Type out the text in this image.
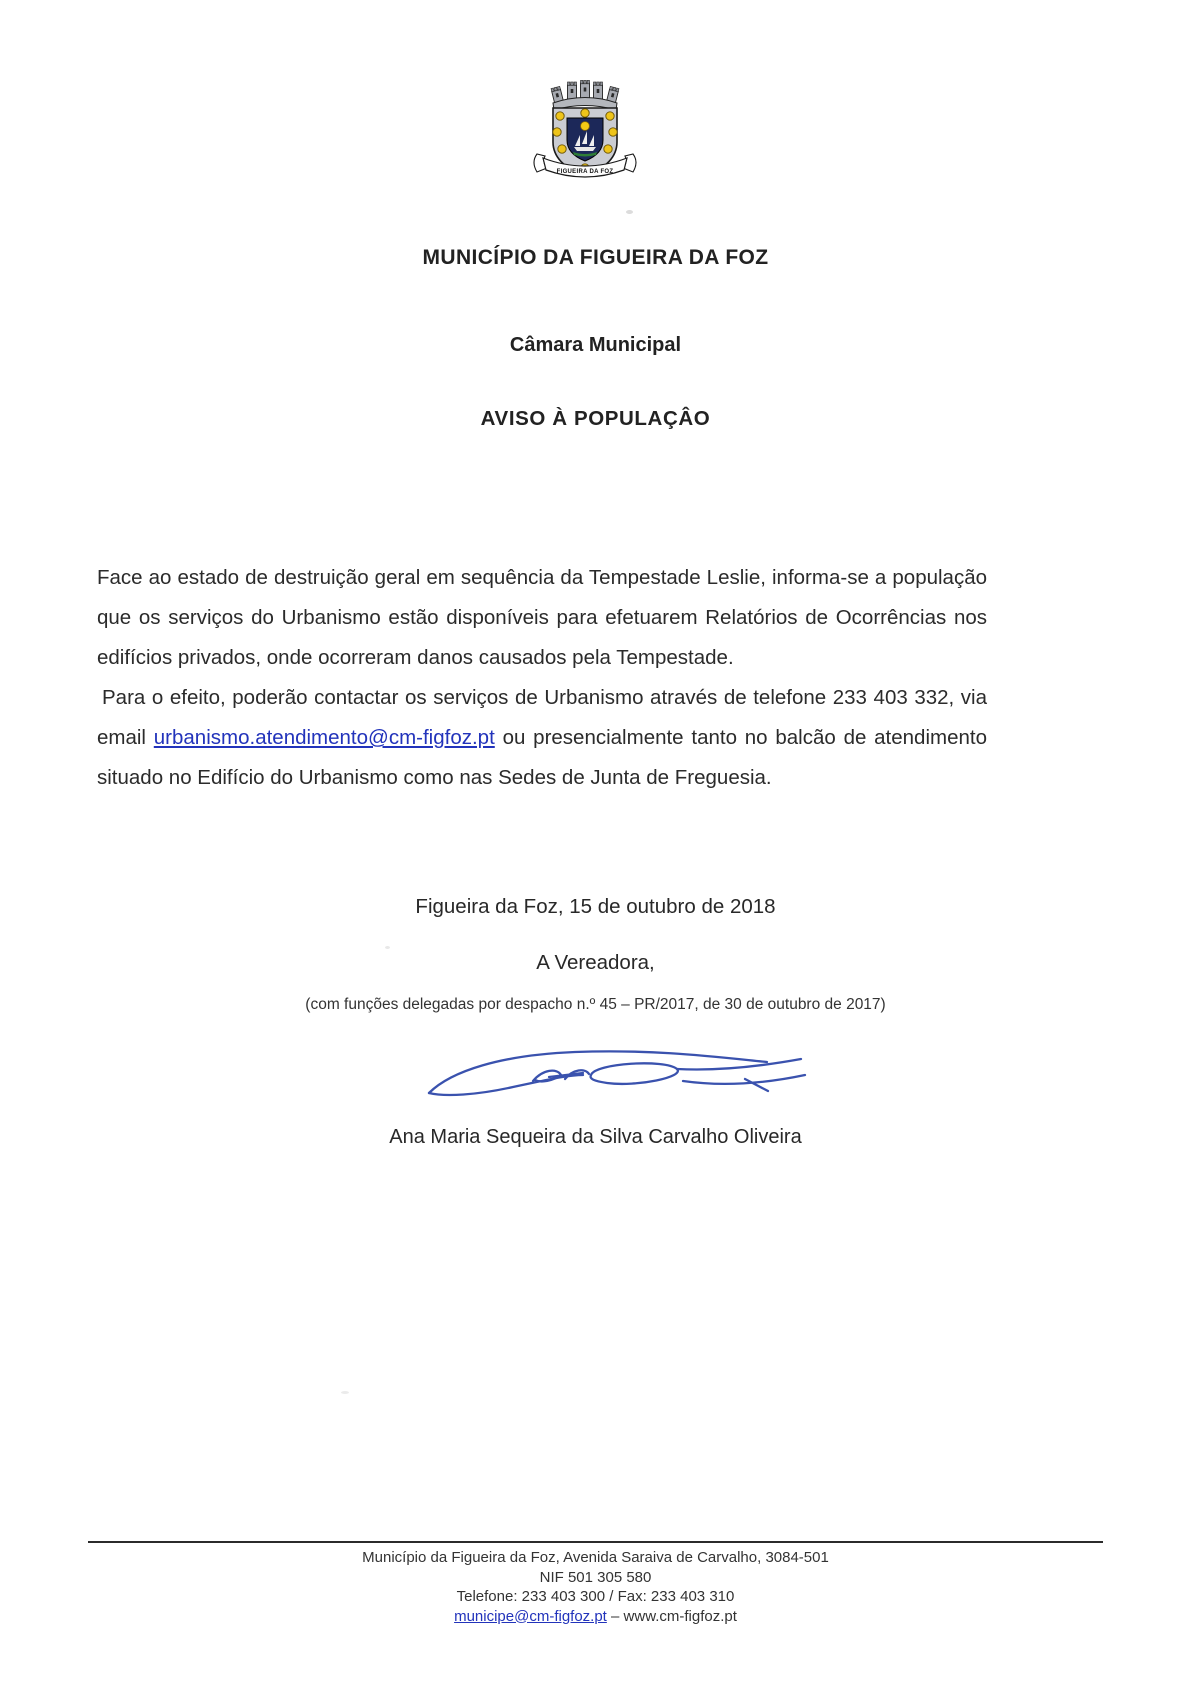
FIGUEIRA DA FOZ
MUNICÍPIO DA FIGUEIRA DA FOZ
Câmara Municipal
AVISO À POPULAÇÂO

Face ao estado de destruição geral em sequência da Tempestade Leslie, informa-se a população que os serviços do Urbanismo estão disponíveis para efetuarem Relatórios de Ocorrências nos edifícios privados, onde ocorreram danos causados pela Tempestade.

Para o efeito, poderão contactar os serviços de Urbanismo através de telefone 233 403 332, via email urbanismo.atendimento@cm-figfoz.pt ou presencialmente tanto no balcão de atendimento situado no Edifício do Urbanismo como nas Sedes de Junta de Freguesia.

Figueira da Foz, 15 de outubro de 2018
A Vereadora,
(com funções delegadas por despacho n.º 45 – PR/2017, de 30 de outubro de 2017)
Ana Maria Sequeira da Silva Carvalho Oliveira
Município da Figueira da Foz, Avenida Saraiva de Carvalho, 3084-501
NIF 501 305 580
Telefone: 233 403 300 / Fax: 233 403 310
municipe@cm-figfoz.pt – www.cm-figfoz.pt
